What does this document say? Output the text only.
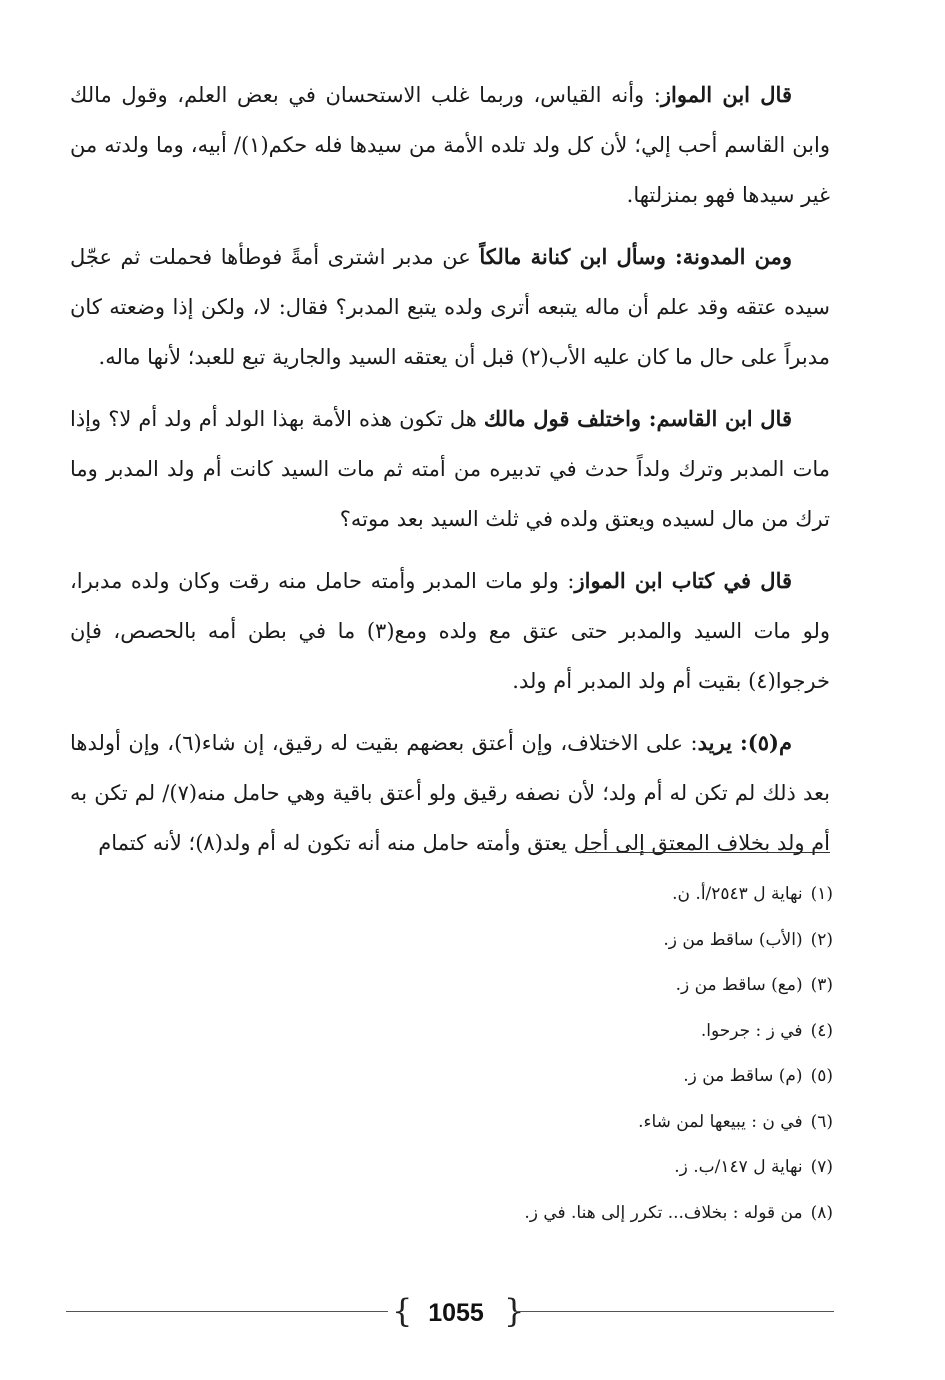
قال ابن المواز: وأنه القياس، وربما غلب الاستحسان في بعض العلم، وقول مالك وابن القاسم أحب إلي؛ لأن كل ولد تلده الأمة من سيدها فله حكم(١)/ أبيه، وما ولدته من غير سيدها فهو بمنزلتها.

ومن المدونة: وسأل ابن كنانة مالكاً عن مدبر اشترى أمةً فوطأها فحملت ثم عجّل سيده عتقه وقد علم أن ماله يتبعه أترى ولده يتبع المدبر؟ فقال: لا، ولكن إذا وضعته كان مدبراً على حال ما كان عليه الأب(٢) قبل أن يعتقه السيد والجارية تبع للعبد؛ لأنها ماله.

قال ابن القاسم: واختلف قول مالك هل تكون هذه الأمة بهذا الولد أم ولد أم لا؟ وإذا مات المدبر وترك ولداً حدث في تدبيره من أمته ثم مات السيد كانت أم ولد المدبر وما ترك من مال لسيده ويعتق ولده في ثلث السيد بعد موته؟

قال في كتاب ابن المواز: ولو مات المدبر وأمته حامل منه رقت وكان ولده مدبرا، ولو مات السيد والمدبر حتى عتق مع ولده ومع(٣) ما في بطن أمه بالحصص، فإن خرجوا(٤) بقيت أم ولد المدبر أم ولد.

م(٥): يريد: على الاختلاف، وإن أعتق بعضهم بقيت له رقيق، إن شاء(٦)، وإن أولدها بعد ذلك لم تكن له أم ولد؛ لأن نصفه رقيق ولو أعتق باقية وهي حامل منه(٧)/ لم تكن به أم ولد بخلاف المعتق إلى أجل يعتق وأمته حامل منه أنه تكون له أم ولد(٨)؛ لأنه كتمام

(١)نهاية ل ٢٥٤٣/أ. ن.
(٢)(الأب) ساقط من ز.
(٣)(مع) ساقط من ز.
(٤)في ز : جرحوا.
(٥)(م) ساقط من ز.
(٦)في ن : يبيعها لمن شاء.
(٧)نهاية ل ١٤٧/ب. ز.
(٨)من قوله : بخلاف... تكرر إلى هنا. في ز.
{ 1055 }
